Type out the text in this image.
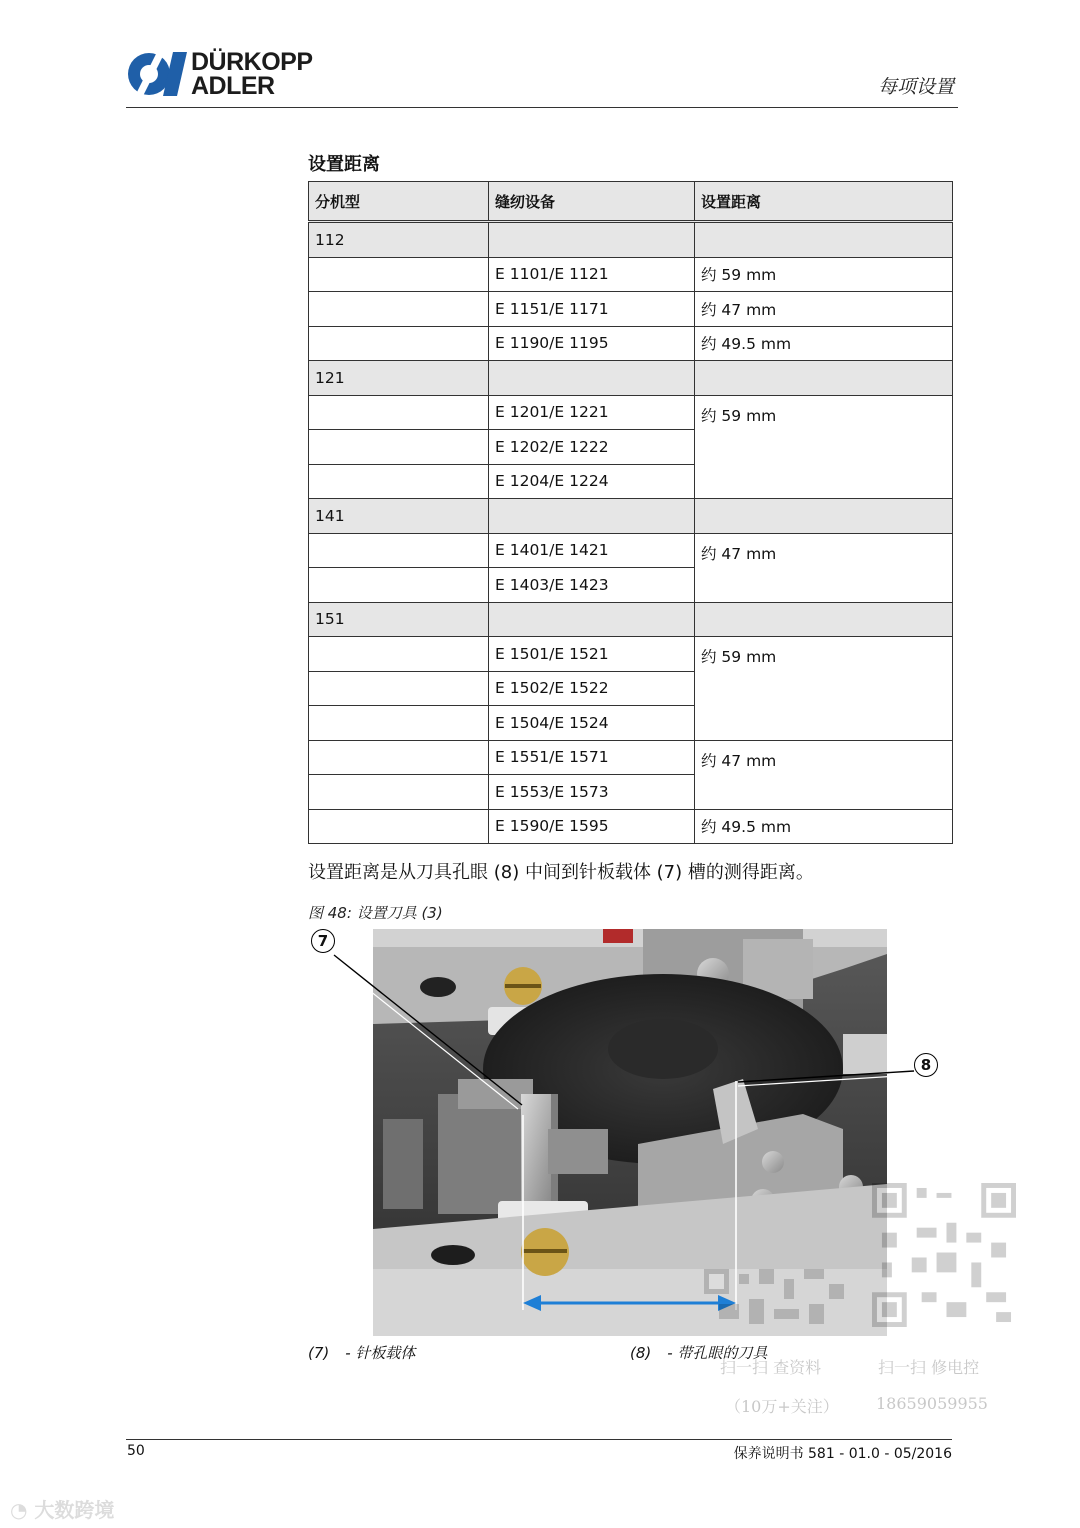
DÜRKOPP
ADLER	每项设置
设置距离
分机型	缝纫设备	设置距离
112		
	E 1101/E 1121	约 59 mm
	E 1151/E 1171	约 47 mm
	E 1190/E 1195	约 49.5 mm
121		
	E 1201/E 1221	约 59 mm
	E 1202/E 1222	
	E 1204/E 1224	
141		
	E 1401/E 1421	约 47 mm
	E 1403/E 1423	
151		
	E 1501/E 1521	约 59 mm
	E 1502/E 1522	
	E 1504/E 1524	
	E 1551/E 1571	约 47 mm
	E 1553/E 1573	
	E 1590/E 1595	约 49.5 mm
设置距离是从刀具孔眼 (8) 中间到针板载体 (7) 槽的测得距离。
图 48: 设置刀具 (3)
7
8
(7) - 针板载体	(8) - 带孔眼的刀具
扫一扫 查资料
（10万+关注）
扫一扫 修电控
18659059955
50	保养说明书 581 - 01.0 - 05/2016
◔ 大数跨境
